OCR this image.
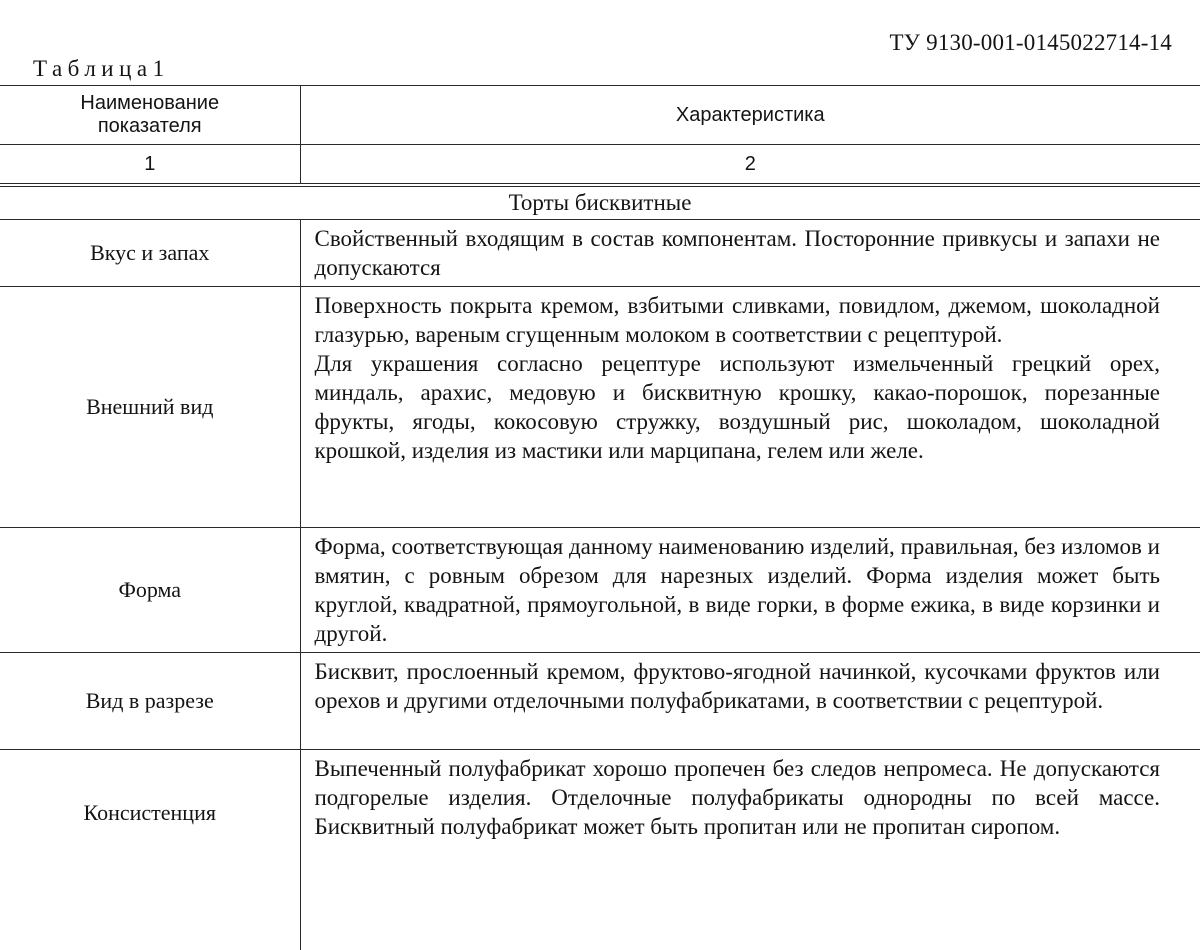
ТУ 9130-001-0145022714-14
Таблица1
Наименование показателя	Характеристика
1	2
Торты бисквитные	
Вкус и запах	Свойственный входящим в состав компонентам. Посторонние привкусы и запахи не допускаются

Внешний вид	Поверхность покрыта кремом, взбитыми сливками, повидлом, джемом, шоколадной глазурью, вареным сгущенным молоком в соответствии с рецептурой.
Для украшения согласно рецептуре используют измельченный грецкий орех, миндаль, арахис, медовую и бисквитную крошку, какао-порошок, порезанные фрукты, ягоды, кокосовую стружку, воздушный рис, шоколадом, шоколадной крошкой, изделия из мастики или марципана, гелем или желе.

Форма	Форма, соответствующая данному наименованию изделий, правильная, без изломов и вмятин, с ровным обрезом для нарезных изделий. Форма изделия может быть круглой, квадратной, прямоугольной, в виде горки, в форме ежика, в виде корзинки и другой.

Вид в разрезе	Бисквит, прослоенный кремом, фруктово-ягодной начинкой, кусочками фруктов или орехов и другими отделочными полуфабрикатами, в соответствии с рецептурой.

Консистенция	Выпеченный полуфабрикат хорошо пропечен без следов непромеса. Не допускаются подгорелые изделия. Отделочные полуфабрикаты однородны по всей массе. Бисквитный полуфабрикат может быть пропитан или не пропитан сиропом.
